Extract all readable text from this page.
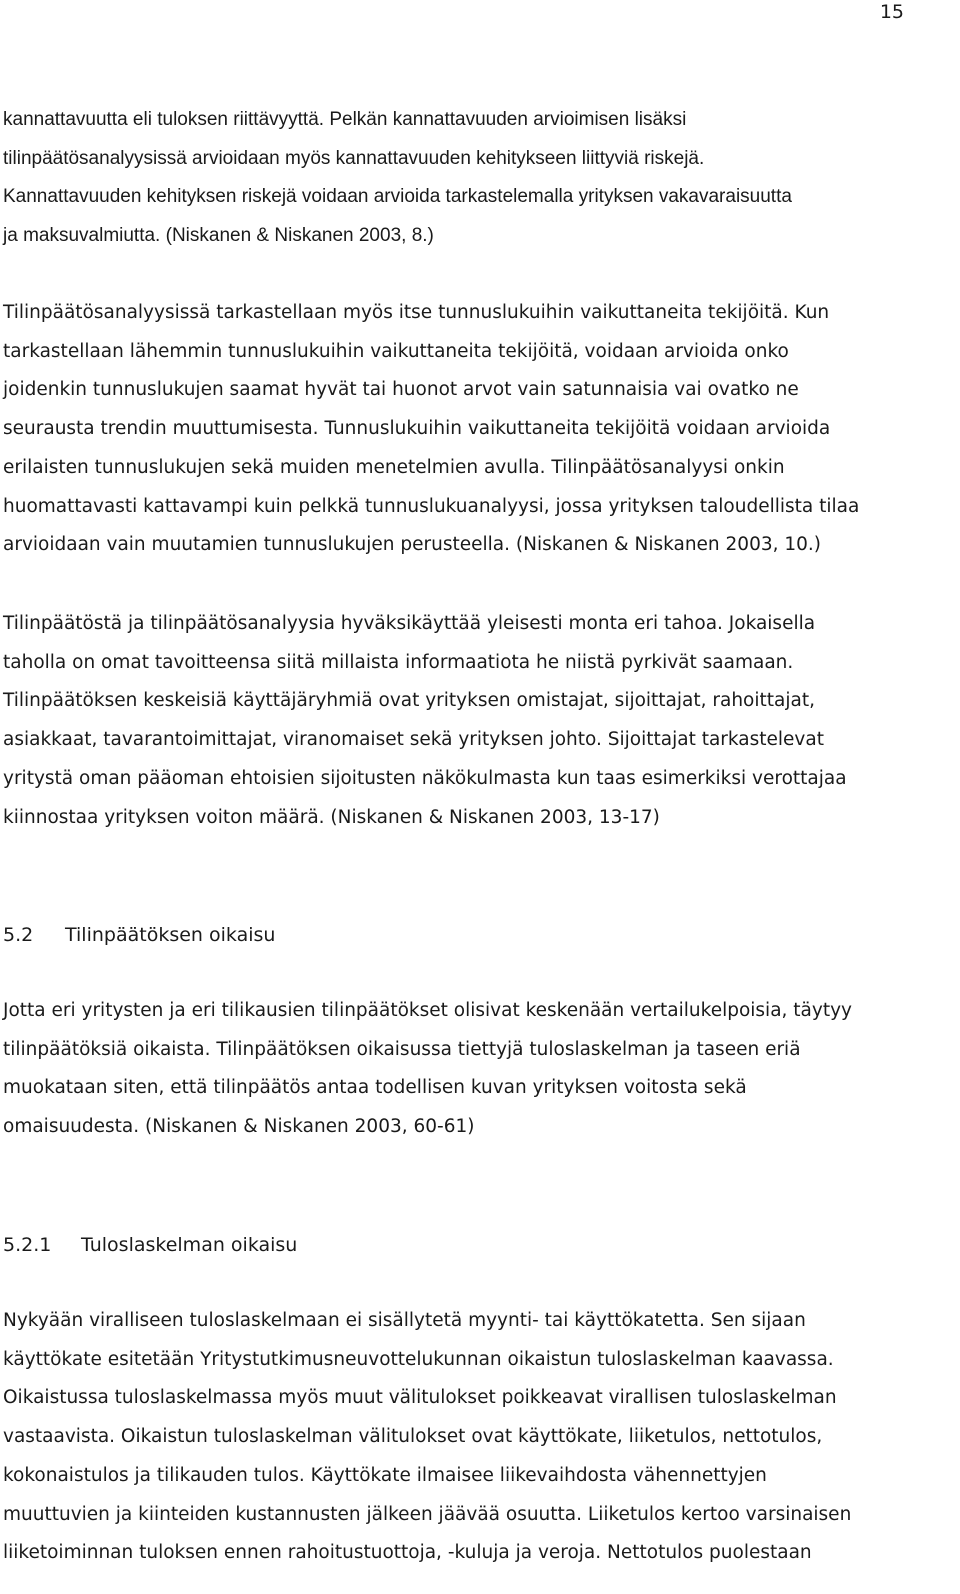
15
kannattavuutta eli tuloksen riittävyyttä. Pelkän kannattavuuden arvioimisen lisäksi
tilinpäätösanalyysissä arvioidaan myös kannattavuuden kehitykseen liittyviä riskejä.
Kannattavuuden kehityksen riskejä voidaan arvioida tarkastelemalla yrityksen vakavaraisuutta
ja maksuvalmiutta. (Niskanen & Niskanen 2003, 8.)
Tilinpäätösanalyysissä tarkastellaan myös itse tunnuslukuihin vaikuttaneita tekijöitä. Kun
tarkastellaan lähemmin tunnuslukuihin vaikuttaneita tekijöitä, voidaan arvioida onko
joidenkin tunnuslukujen saamat hyvät tai huonot arvot vain satunnaisia vai ovatko ne
seurausta trendin muuttumisesta. Tunnuslukuihin vaikuttaneita tekijöitä voidaan arvioida
erilaisten tunnuslukujen sekä muiden menetelmien avulla. Tilinpäätösanalyysi onkin
huomattavasti kattavampi kuin pelkkä tunnuslukuanalyysi, jossa yrityksen taloudellista tilaa
arvioidaan vain muutamien tunnuslukujen perusteella. (Niskanen & Niskanen 2003, 10.)
Tilinpäätöstä ja tilinpäätösanalyysia hyväksikäyttää yleisesti monta eri tahoa. Jokaisella
taholla on omat tavoitteensa siitä millaista informaatiota he niistä pyrkivät saamaan.
Tilinpäätöksen keskeisiä käyttäjäryhmiä ovat yrityksen omistajat, sijoittajat, rahoittajat,
asiakkaat, tavarantoimittajat, viranomaiset sekä yrityksen johto. Sijoittajat tarkastelevat
yritystä oman pääoman ehtoisien sijoitusten näkökulmasta kun taas esimerkiksi verottajaa
kiinnostaa yrityksen voiton määrä. (Niskanen & Niskanen 2003, 13-17)
5.2 Tilinpäätöksen oikaisu
Jotta eri yritysten ja eri tilikausien tilinpäätökset olisivat keskenään vertailukelpoisia, täytyy
tilinpäätöksiä oikaista. Tilinpäätöksen oikaisussa tiettyjä tuloslaskelman ja taseen eriä
muokataan siten, että tilinpäätös antaa todellisen kuvan yrityksen voitosta sekä
omaisuudesta. (Niskanen & Niskanen 2003, 60-61)
5.2.1 Tuloslaskelman oikaisu
Nykyään viralliseen tuloslaskelmaan ei sisällytetä myynti- tai käyttökatetta. Sen sijaan
käyttökate esitetään Yritystutkimusneuvottelukunnan oikaistun tuloslaskelman kaavassa.
Oikaistussa tuloslaskelmassa myös muut välitulokset poikkeavat virallisen tuloslaskelman
vastaavista. Oikaistun tuloslaskelman välitulokset ovat käyttökate, liiketulos, nettotulos,
kokonaistulos ja tilikauden tulos. Käyttökate ilmaisee liikevaihdosta vähennettyjen
muuttuvien ja kiinteiden kustannusten jälkeen jäävää osuutta. Liiketulos kertoo varsinaisen
liiketoiminnan tuloksen ennen rahoitustuottoja, -kuluja ja veroja. Nettotulos puolestaan
